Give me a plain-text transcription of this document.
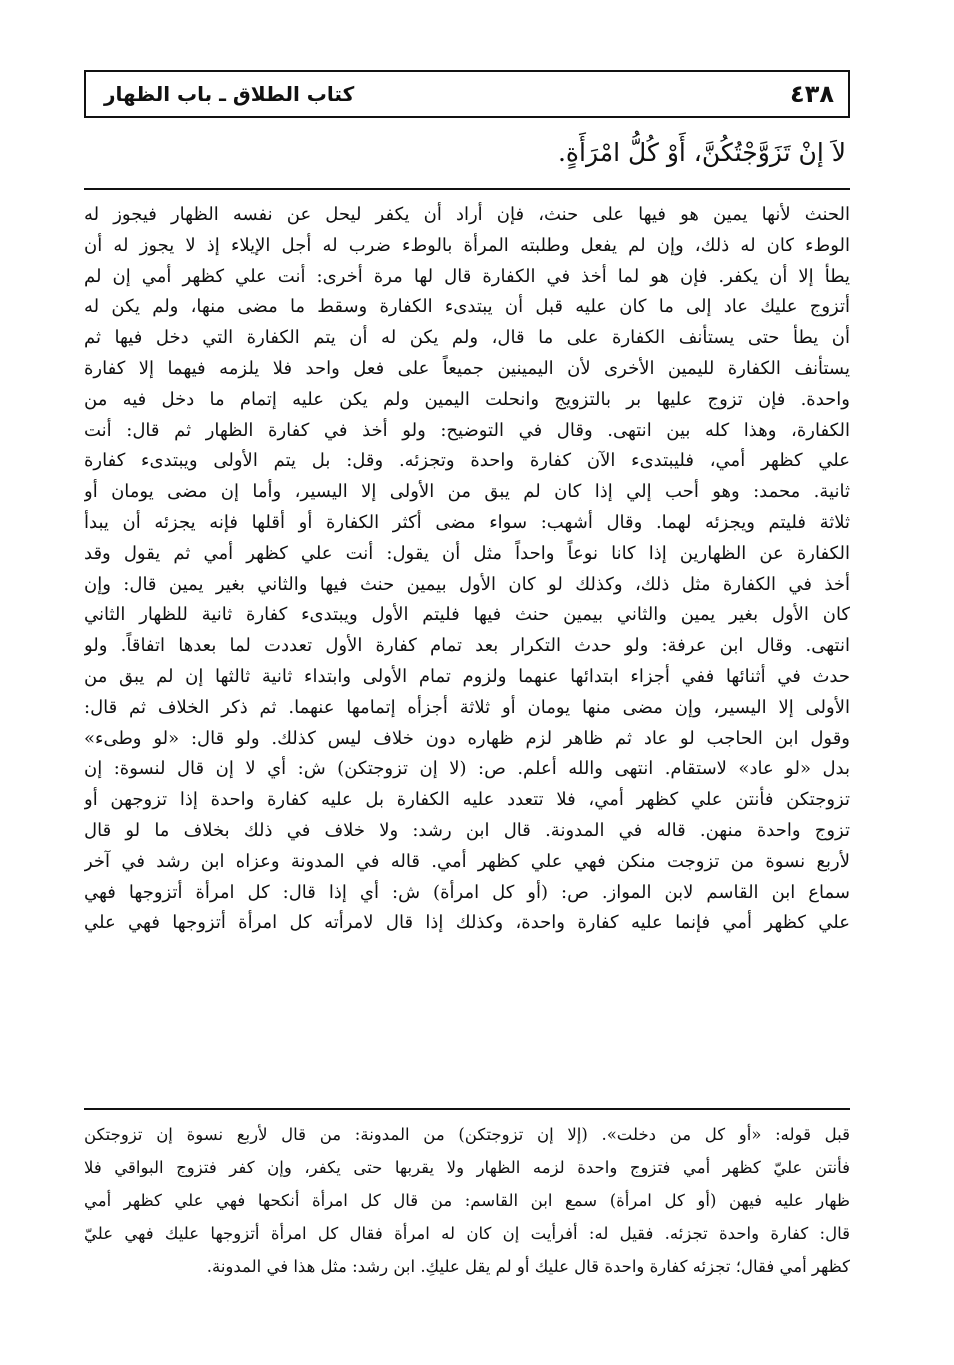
٤٣٨
كتاب الطلاق ـ باب الظهار
لاَ إنْ تَزَوَّجْتُكُنَّ، أَوْ كُلُّ امْرَأَةٍ.
الحنث لأنها يمين هو فيها على حنث، فإن أراد أن يكفر ليحل عن نفسه الظهار فيجوز له
الوطء كان له ذلك، وإن لم يفعل وطلبته المرأة بالوطء ضرب له أجل الإيلاء إذ لا يجوز له أن
يطأ إلا أن يكفر. فإن هو لما أخذ في الكفارة قال لها مرة أخرى: أنت علي كظهر أمي إن لم
أتزوج عليك عاد إلى ما كان عليه قبل أن يبتدىء الكفارة وسقط ما مضى منها، ولم يكن له
أن يطأ حتى يستأنف الكفارة على ما قال، ولم يكن له أن يتم الكفارة التي دخل فيها ثم
يستأنف الكفارة لليمين الأخرى لأن اليمينين جميعاً على فعل واحد فلا يلزمه فيهما إلا كفارة
واحدة. فإن تزوج عليها بر بالتزويج وانحلت اليمين ولم يكن عليه إتمام ما دخل فيه من
الكفارة، وهذا كله بين انتهى. وقال في التوضيح: ولو أخذ في كفارة الظهار ثم قال: أنت
علي كظهر أمي، فليبتدىء الآن كفارة واحدة وتجزئه. وقل: بل يتم الأولى ويبتدىء كفارة
ثانية. محمد: وهو أحب إلي إذا كان لم يبق من الأولى إلا اليسير، وأما إن مضى يومان أو
ثلاثة فليتم ويجزئه لهما. وقال أشهب: سواء مضى أكثر الكفارة أو أقلها فإنه يجزئه أن يبدأ
الكفارة عن الظهارين إذا كانا نوعاً واحداً مثل أن يقول: أنت علي كظهر أمي ثم يقول وقد
أخذ في الكفارة مثل ذلك، وكذلك لو كان الأول بيمين حنث فيها والثاني بغير يمين قال: وإن
كان الأول بغير يمين والثاني بيمين حنث فيها فليتم الأول ويبتدىء كفارة ثانية للظهار الثاني
انتهى. وقال ابن عرفة: ولو حدث التكرار بعد تمام كفارة الأول تعددت لما بعدها اتفاقاً. ولو
حدث في أثنائها ففي أجزاء ابتدائها عنهما ولزوم تمام الأولى وابتداء ثانية ثالثها إن لم يبق من
الأولى إلا اليسير، وإن مضى منها يومان أو ثلاثة أجزأه إتمامها عنهما. ثم ذكر الخلاف ثم قال:
وقول ابن الحاجب لو عاد ثم ظاهر لزم ظهاره دون خلاف ليس كذلك. ولو قال: «لو وطىء»
بدل «لو عاد» لاستقام. انتهى والله أعلم. ص: (لا إن تزوجتكن) ش: أي لا إن قال لنسوة: إن
تزوجتكن فأنتن علي كظهر أمي، فلا تتعدد عليه الكفارة بل عليه كفارة واحدة إذا تزوجهن أو
تزوج واحدة منهن. قاله في المدونة. قال ابن رشد: ولا خلاف في ذلك بخلاف ما لو قال
لأربع نسوة من تزوجت منكن فهي علي كظهر أمي. قاله في المدونة وعزاه ابن رشد في آخر
سماع ابن القاسم لابن المواز. ص: (أو كل امرأة) ش: أي إذا قال: كل امرأة أتزوجها فهي
علي كظهر أمي فإنما عليه كفارة واحدة، وكذلك إذا قال لامرأته كل امرأة أتزوجها فهي علي
قبل قوله: «أو كل من دخلت». (إلا إن تزوجتكن) من المدونة: من قال لأربع نسوة إن تزوجتكن
فأنتن عليّ كظهر أمي فتزوج واحدة لزمه الظهار ولا يقربها حتى يكفر، وإن كفر فتزوج البواقي فلا
ظهار عليه فيهن (أو كل امرأة) سمع ابن القاسم: من قال كل امرأة أنكحها فهي علي كظهر أمي
قال: كفارة واحدة تجزئه. فقيل له: أفرأيت إن كان له امرأة فقال كل امرأة أتزوجها عليك فهي عليّ
كظهر أمي فقال؛ تجزئه كفارة واحدة قال عليك أو لم يقل عليكِ. ابن رشد: مثل هذا في المدونة.
